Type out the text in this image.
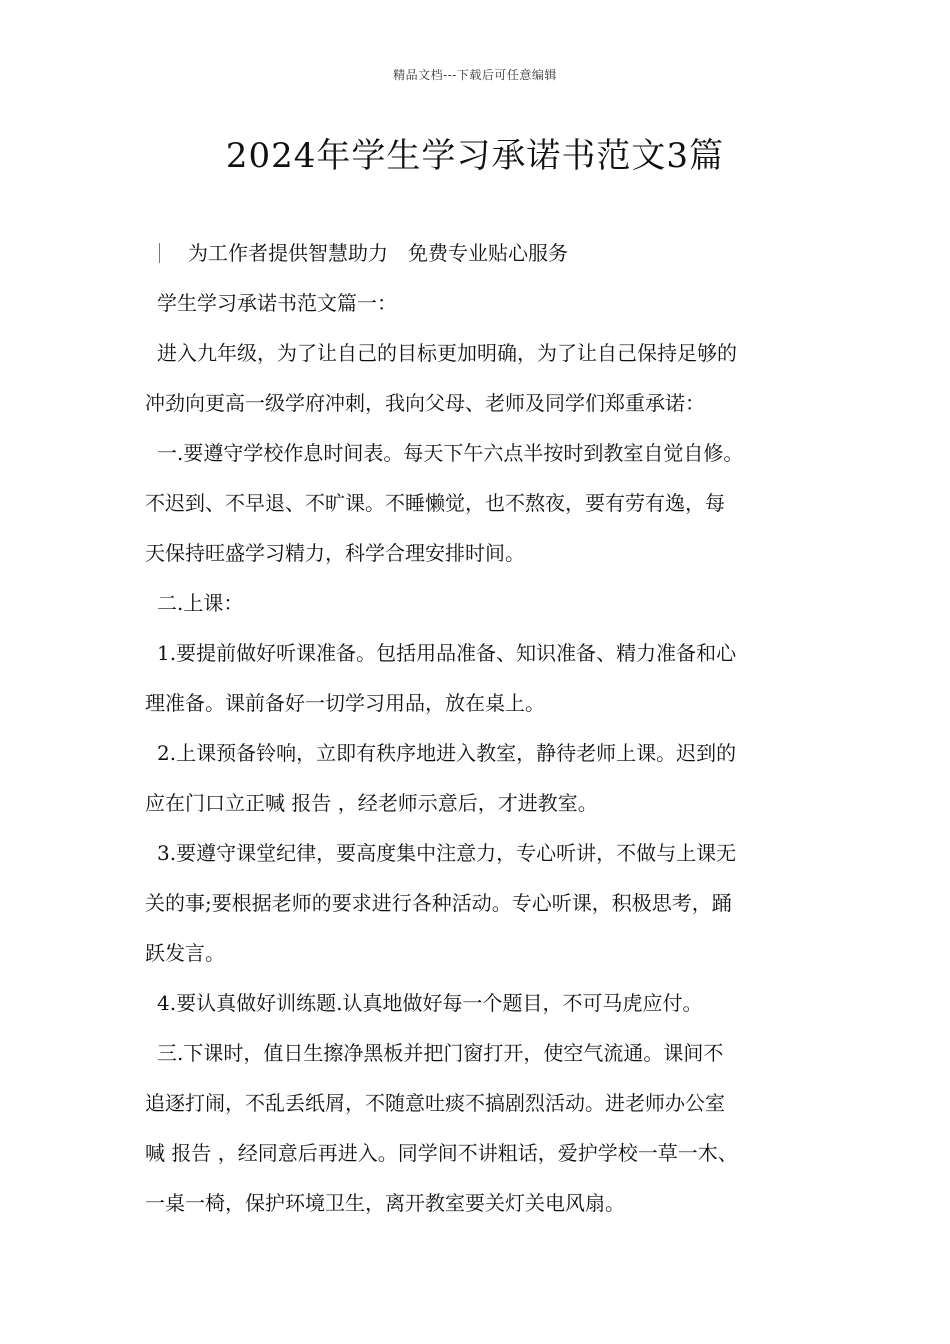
精品文档---下载后可任意编辑
2024年学生学习承诺书范文3篇
为工作者提供智慧助力 免费专业贴心服务
学生学习承诺书范文篇一：
进入九年级，为了让自己的目标更加明确，为了让自己保持足够的
冲劲向更高一级学府冲刺，我向父母、老师及同学们郑重承诺：
一.要遵守学校作息时间表。每天下午六点半按时到教室自觉自修。
不迟到、不早退、不旷课。不睡懒觉，也不熬夜，要有劳有逸，每
天保持旺盛学习精力，科学合理安排时间。
二.上课：
1.要提前做好听课准备。包括用品准备、知识准备、精力准备和心
理准备。课前备好一切学习用品，放在桌上。
2.上课预备铃响，立即有秩序地进入教室，静待老师上课。迟到的
应在门口立正喊 报告 ，经老师示意后，才进教室。
3.要遵守课堂纪律，要高度集中注意力，专心听讲，不做与上课无
关的事;要根据老师的要求进行各种活动。专心听课，积极思考，踊
跃发言。
4.要认真做好训练题.认真地做好每一个题目，不可马虎应付。
三.下课时，值日生擦净黑板并把门窗打开，使空气流通。课间不
追逐打闹，不乱丢纸屑，不随意吐痰不搞剧烈活动。进老师办公室
喊 报告 ，经同意后再进入。同学间不讲粗话，爱护学校一草一木、
一桌一椅，保护环境卫生，离开教室要关灯关电风扇。
